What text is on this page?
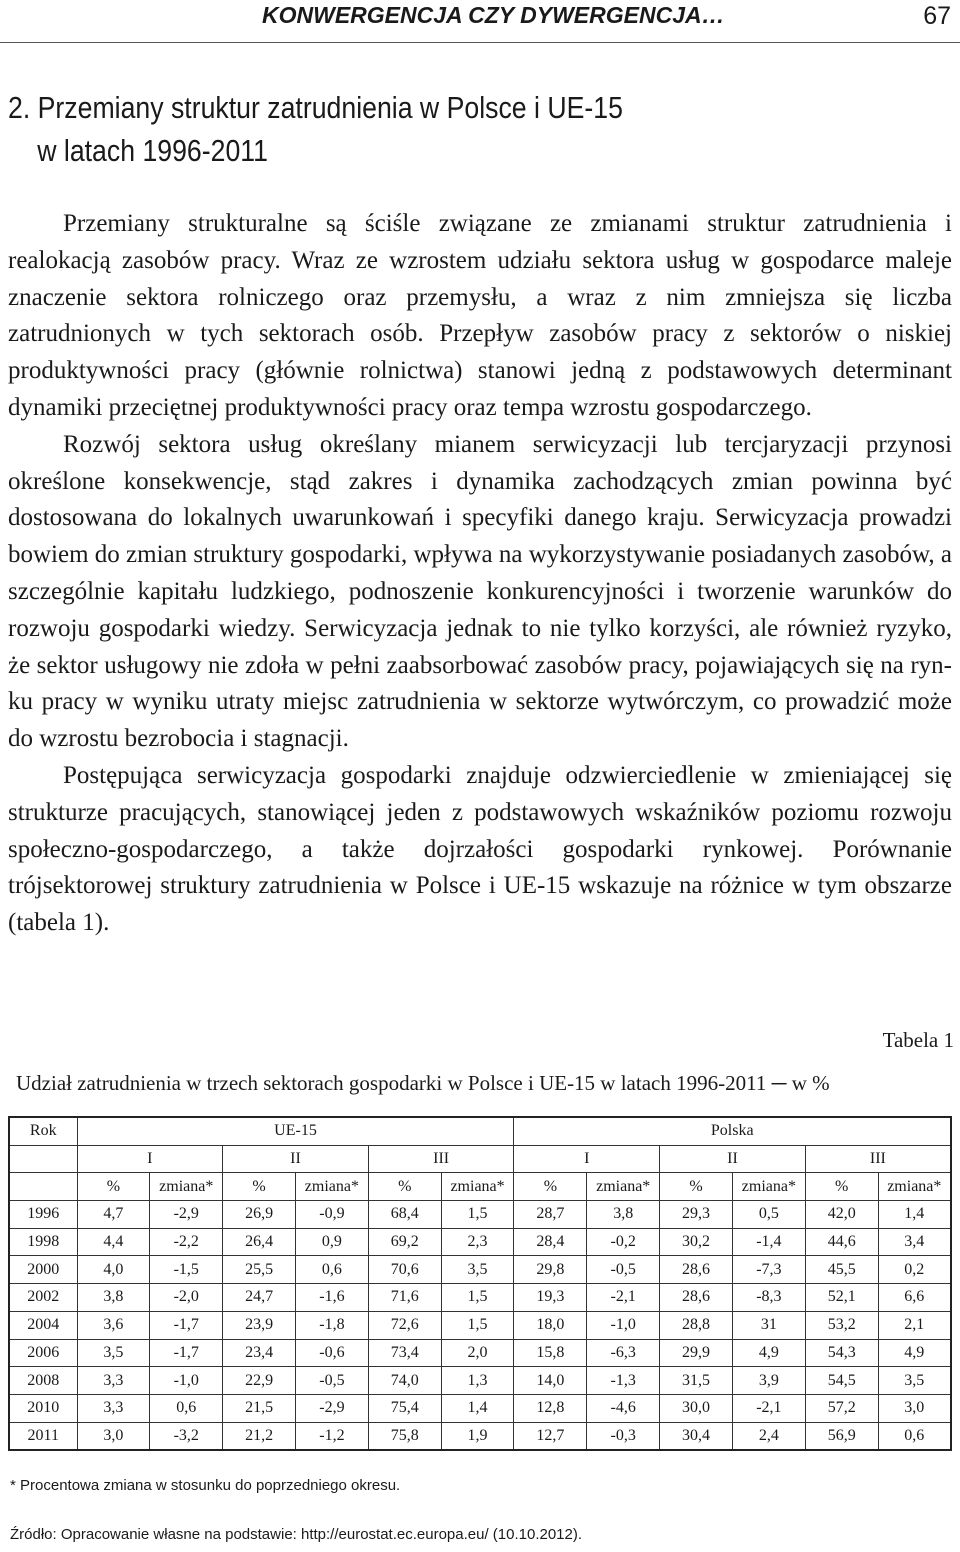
KONWERGENCJA CZY DYWERGENCJA…	67
2. Przemiany struktur zatrudnienia w Polsce i UE-15
w latach 1996-2011

Przemiany strukturalne są ściśle związane ze zmianami struktur zatrudnienia i realokacją zasobów pracy. Wraz ze wzrostem udziału sektora usług w gospodarce maleje znaczenie sektora rolniczego oraz przemysłu, a wraz z nim zmniejsza się liczba zatrudnionych w tych sektorach osób. Przepływ zasobów pracy z sektorów o niskiej produktywności pracy (głównie rolnictwa) stanowi jedną z podstawowych determinant dynamiki przeciętnej produktywności pracy oraz tempa wzrostu gospodarczego.

Rozwój sektora usług określany mianem serwicyzacji lub tercjaryzacji przynosi określone konsekwencje, stąd zakres i dynamika zachodzących zmian powinna być dostosowana do lokalnych uwarunkowań i specyfiki danego kraju. Serwicyzacja prowadzi bowiem do zmian struktury gospodarki, wpływa na wykorzystywanie posiadanych zasobów, a szczególnie kapitału ludzkiego, podnoszenie konkurencyjności i tworzenie warunków do rozwoju gospodarki wiedzy. Serwicyzacja jednak to nie tylko korzyści, ale również ryzyko, że sektor usługowy nie zdoła w pełni zaabsorbować zasobów pracy, pojawiających się na rynku pracy w wyniku utraty miejsc zatrudnienia w sektorze wytwórczym, co prowadzić może do wzrostu bezrobocia i stagnacji.

Postępująca serwicyzacja gospodarki znajduje odzwierciedlenie w zmieniającej się strukturze pracujących, stanowiącej jeden z podstawowych wskaźników poziomu rozwoju społeczno-gospodarczego, a także dojrzałości gospodarki rynkowej. Porównanie trójsektorowej struktury zatrudnienia w Polsce i UE-15 wskazuje na różnice w tym obszarze (tabela 1).

Tabela 1
Udział zatrudnienia w trzech sektorach gospodarki w Polsce i UE-15 w latach 1996-2011 ─ w %
Rok	UE-15						Polska					
	I		II		III		I		II		III	
	%	zmiana*	%	zmiana*	%	zmiana*	%	zmiana*	%	zmiana*	%	zmiana*
1996	4,7	-2,9	26,9	-0,9	68,4	1,5	28,7	3,8	29,3	0,5	42,0	1,4
1998	4,4	-2,2	26,4	0,9	69,2	2,3	28,4	-0,2	30,2	-1,4	44,6	3,4
2000	4,0	-1,5	25,5	0,6	70,6	3,5	29,8	-0,5	28,6	-7,3	45,5	0,2
2002	3,8	-2,0	24,7	-1,6	71,6	1,5	19,3	-2,1	28,6	-8,3	52,1	6,6
2004	3,6	-1,7	23,9	-1,8	72,6	1,5	18,0	-1,0	28,8	31	53,2	2,1
2006	3,5	-1,7	23,4	-0,6	73,4	2,0	15,8	-6,3	29,9	4,9	54,3	4,9
2008	3,3	-1,0	22,9	-0,5	74,0	1,3	14,0	-1,3	31,5	3,9	54,5	3,5
2010	3,3	0,6	21,5	-2,9	75,4	1,4	12,8	-4,6	30,0	-2,1	57,2	3,0
2011	3,0	-3,2	21,2	-1,2	75,8	1,9	12,7	-0,3	30,4	2,4	56,9	0,6
* Procentowa zmiana w stosunku do poprzedniego okresu.
Źródło: Opracowanie własne na podstawie: http://eurostat.ec.europa.eu/ (10.10.2012).
